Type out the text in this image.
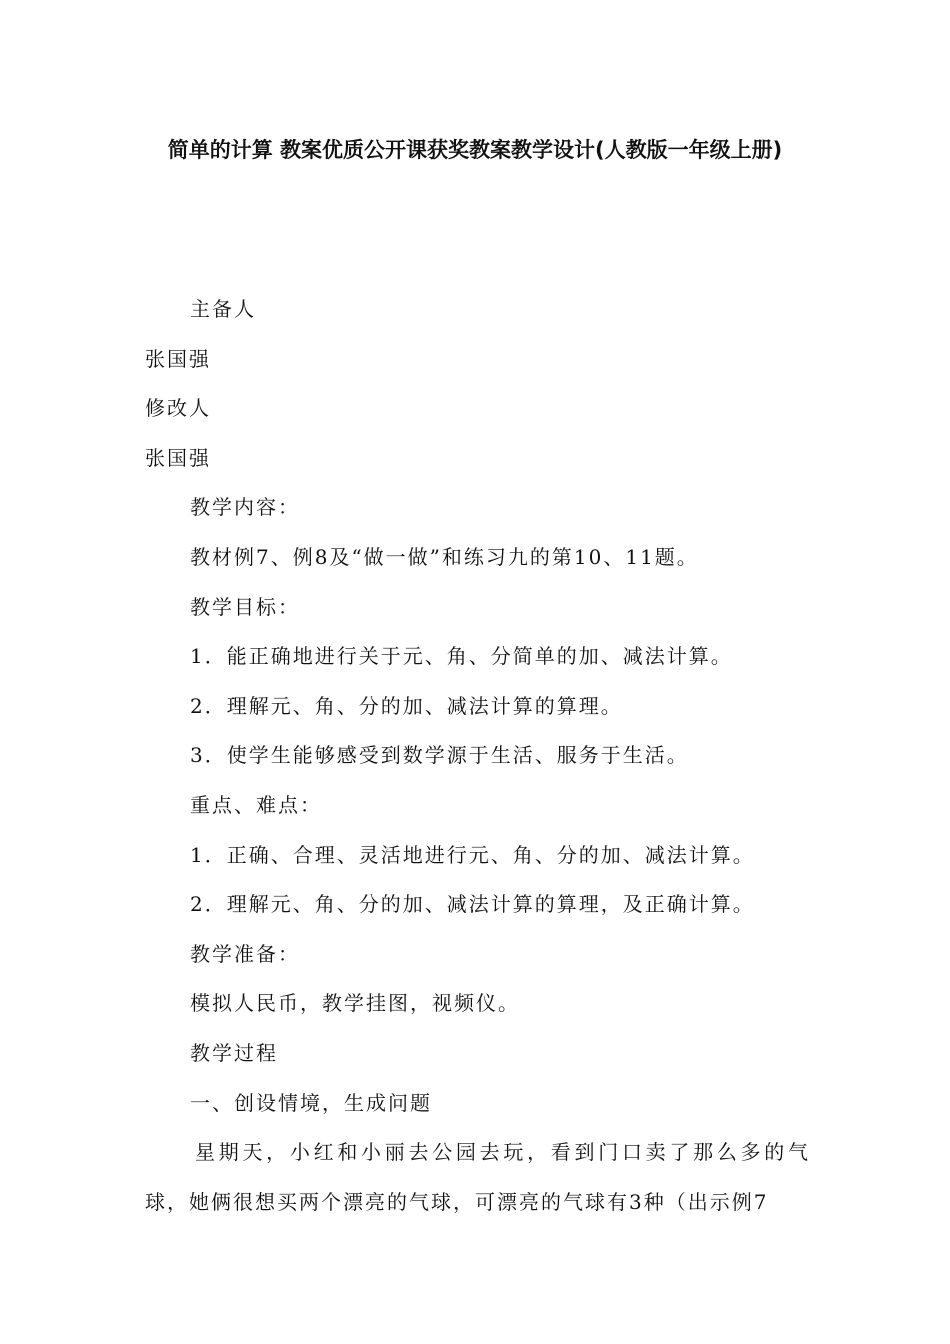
简单的计算 教案优质公开课获奖教案教学设计(人教版一年级上册)
主备人
张国强
修改人
张国强
教学内容：
教材例7、例8及“做一做”和练习九的第10、11题。
教学目标：
1．能正确地进行关于元、角、分简单的加、减法计算。
2．理解元、角、分的加、减法计算的算理。
3．使学生能够感受到数学源于生活、服务于生活。
重点、难点：
1．正确、合理、灵活地进行元、角、分的加、减法计算。
2．理解元、角、分的加、减法计算的算理，及正确计算。
教学准备：
模拟人民币，教学挂图，视频仪。
教学过程
一、创设情境，生成问题
星期天，小红和小丽去公园去玩，看到门口卖了那么多的气球，她俩很想买两个漂亮的气球，可漂亮的气球有3种（出示例7
